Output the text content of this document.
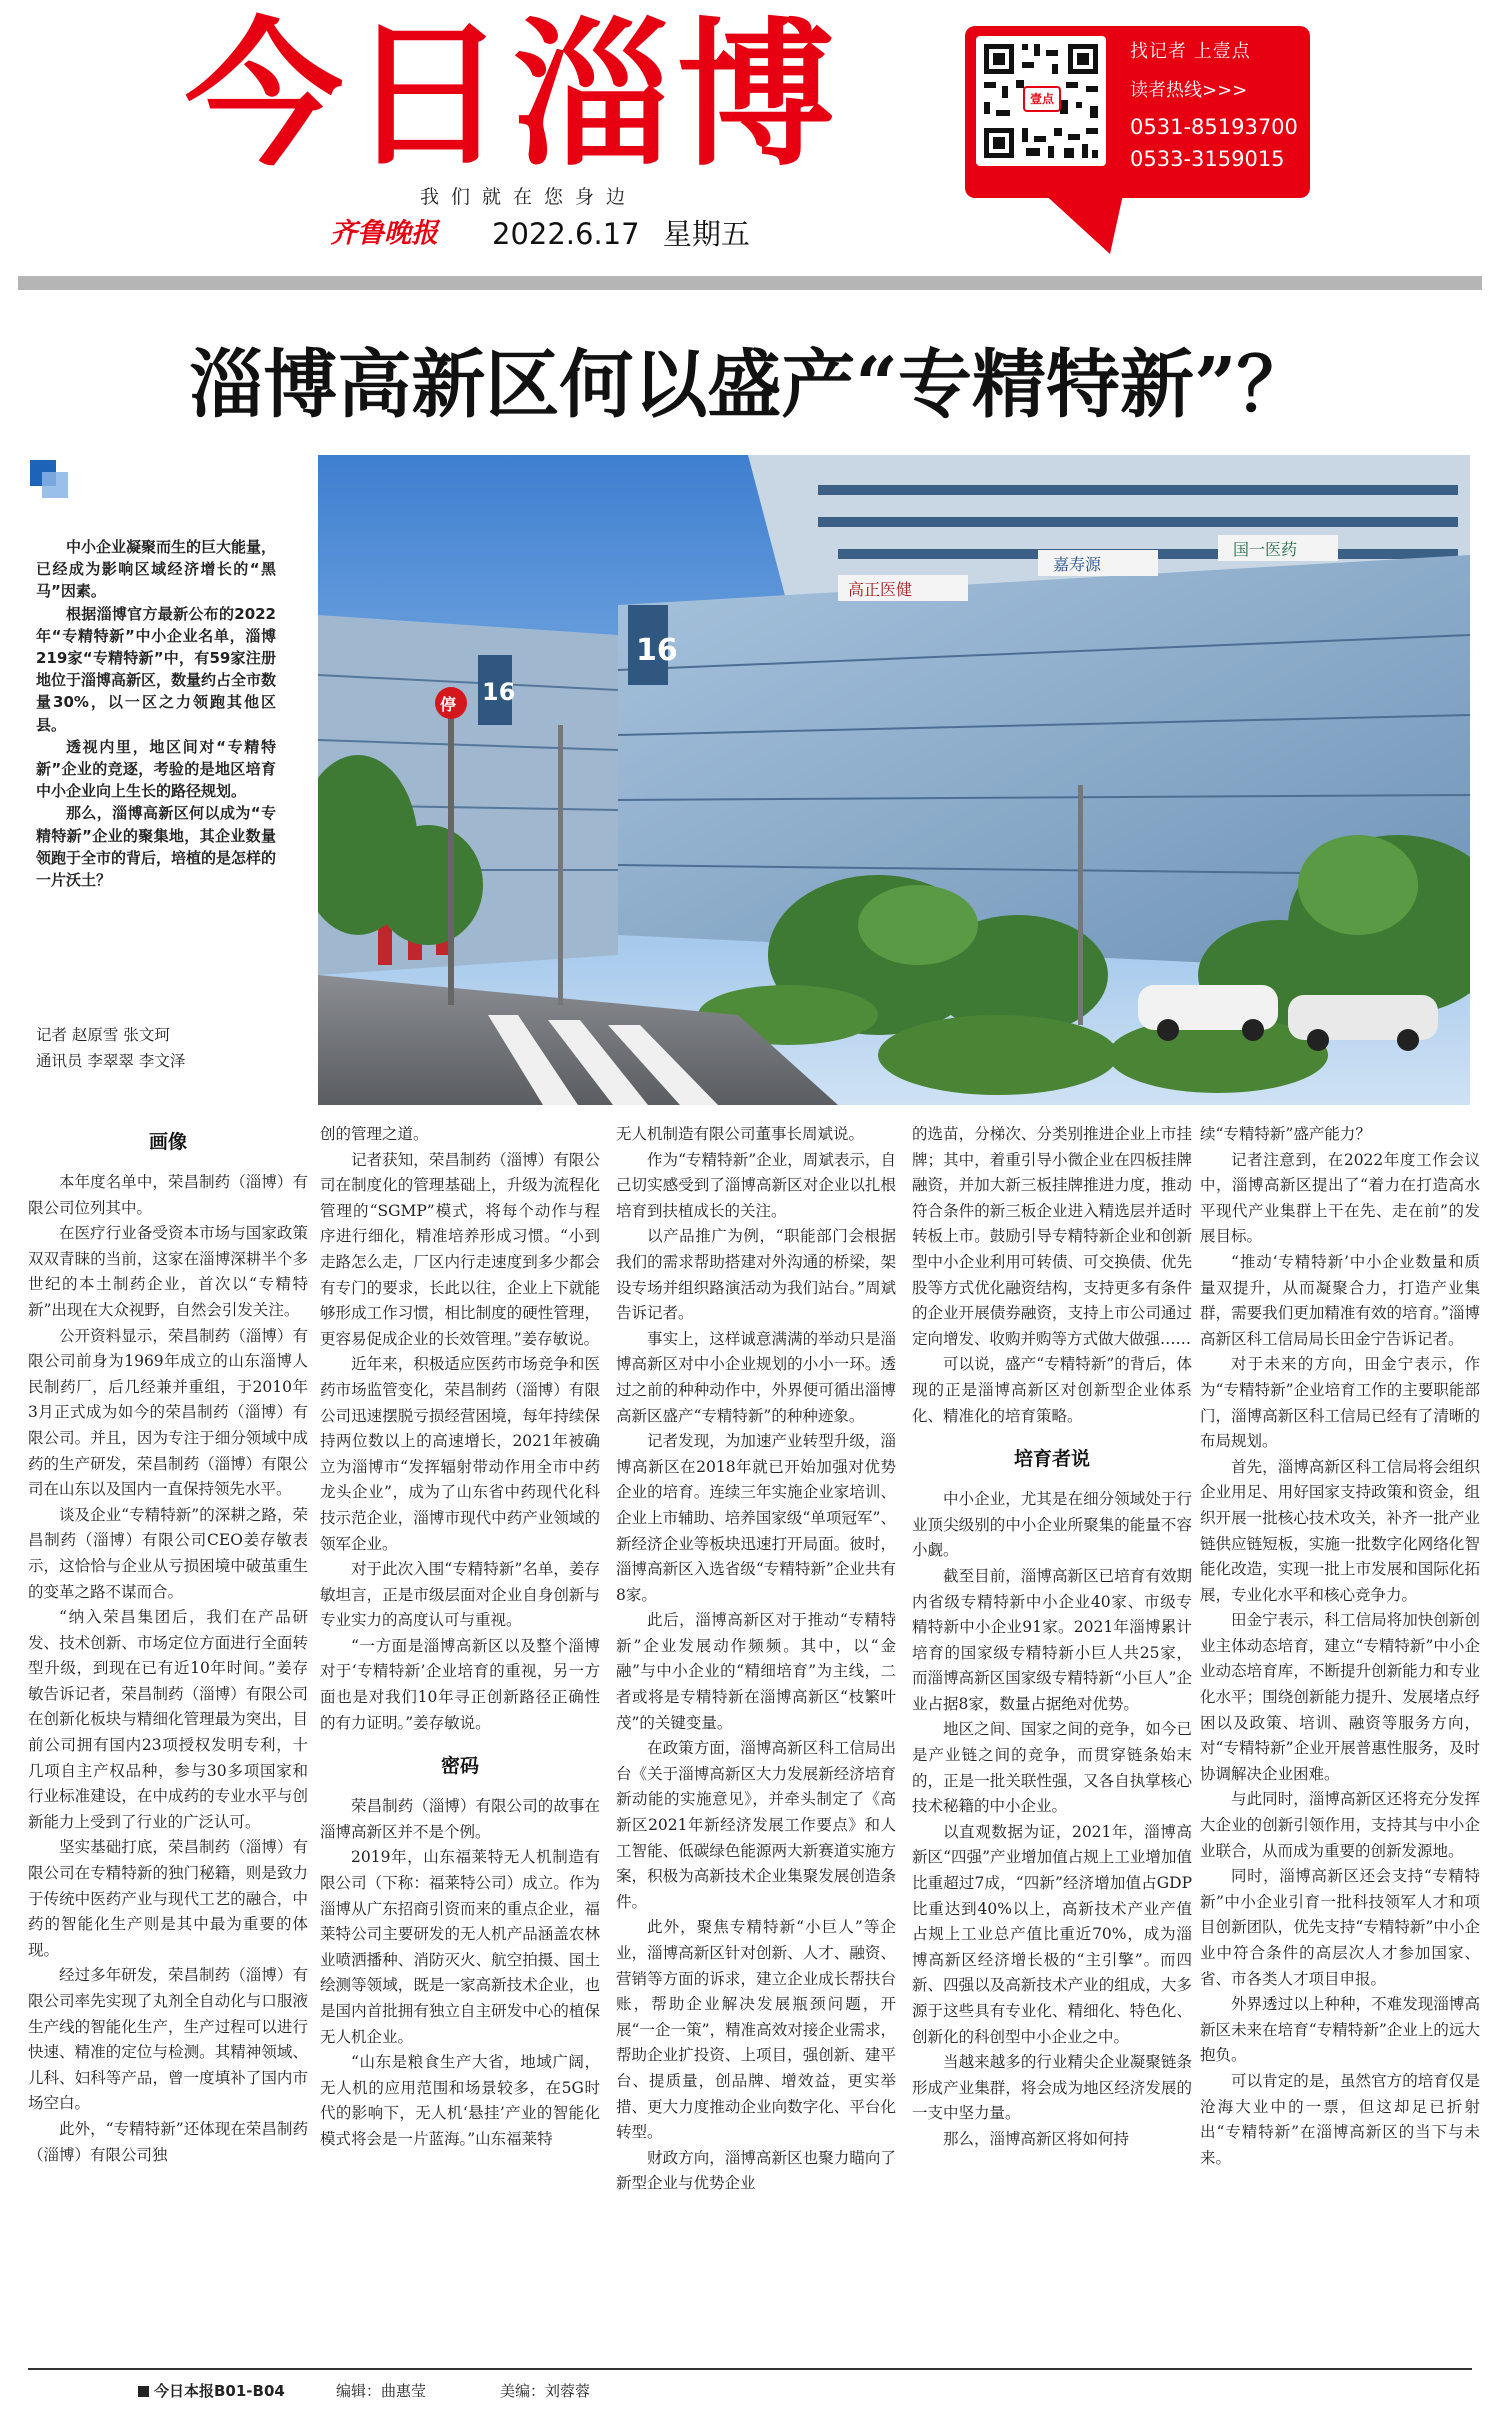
今日淄博
我们就在您身边
齐鲁晚报	2022.6.17 星期五
壹点
找记者 上壹点
读者热线>>>
0531-85193700
0533-3159015
淄博高新区何以盛产“专精特新”？

中小企业凝聚而生的巨大能量，已经成为影响区域经济增长的“黑马”因素。

根据淄博官方最新公布的2022年“专精特新”中小企业名单，淄博219家“专精特新”中，有59家注册地位于淄博高新区，数量约占全市数量30%，以一区之力领跑其他区县。

透视内里，地区间对“专精特新”企业的竞逐，考验的是地区培育中小企业向上生长的路径规划。

那么，淄博高新区何以成为“专精特新”企业的聚集地，其企业数量领跑于全市的背后，培植的是怎样的一片沃土？

记者 赵原雪 张文珂
通讯员 李翠翠 李文泽
16
16
高正医健
嘉寿源
国一医药
停
画像

本年度名单中，荣昌制药（淄博）有限公司位列其中。

在医疗行业备受资本市场与国家政策双双青睐的当前，这家在淄博深耕半个多世纪的本土制药企业，首次以“专精特新”出现在大众视野，自然会引发关注。

公开资料显示，荣昌制药（淄博）有限公司前身为1969年成立的山东淄博人民制药厂，后几经兼并重组，于2010年3月正式成为如今的荣昌制药（淄博）有限公司。并且，因为专注于细分领域中成药的生产研发，荣昌制药（淄博）有限公司在山东以及国内一直保持领先水平。

谈及企业“专精特新”的深耕之路，荣昌制药（淄博）有限公司CEO姜存敏表示，这恰恰与企业从亏损困境中破茧重生的变革之路不谋而合。

“纳入荣昌集团后，我们在产品研发、技术创新、市场定位方面进行全面转型升级，到现在已有近10年时间。”姜存敏告诉记者，荣昌制药（淄博）有限公司在创新化板块与精细化管理最为突出，目前公司拥有国内23项授权发明专利，十几项自主产权品种，参与30多项国家和行业标准建设，在中成药的专业水平与创新能力上受到了行业的广泛认可。

坚实基础打底，荣昌制药（淄博）有限公司在专精特新的独门秘籍，则是致力于传统中医药产业与现代工艺的融合，中药的智能化生产则是其中最为重要的体现。

经过多年研发，荣昌制药（淄博）有限公司率先实现了丸剂全自动化与口服液生产线的智能化生产，生产过程可以进行快速、精准的定位与检测。其精神领域、儿科、妇科等产品，曾一度填补了国内市场空白。

此外，“专精特新”还体现在荣昌制药（淄博）有限公司独

创的管理之道。

记者获知，荣昌制药（淄博）有限公司在制度化的管理基础上，升级为流程化管理的“SGMP”模式，将每个动作与程序进行细化，精准培养形成习惯。“小到走路怎么走，厂区内行走速度到多少都会有专门的要求，长此以往，企业上下就能够形成工作习惯，相比制度的硬性管理，更容易促成企业的长效管理。”姜存敏说。

近年来，积极适应医药市场竞争和医药市场监管变化，荣昌制药（淄博）有限公司迅速摆脱亏损经营困境，每年持续保持两位数以上的高速增长，2021年被确立为淄博市“发挥辐射带动作用全市中药龙头企业”，成为了山东省中药现代化科技示范企业，淄博市现代中药产业领域的领军企业。

对于此次入围“专精特新”名单，姜存敏坦言，正是市级层面对企业自身创新与专业实力的高度认可与重视。

“一方面是淄博高新区以及整个淄博对于‘专精特新’企业培育的重视，另一方面也是对我们10年寻正创新路径正确性的有力证明。”姜存敏说。

密码

荣昌制药（淄博）有限公司的故事在淄博高新区并不是个例。

2019年，山东福莱特无人机制造有限公司（下称：福莱特公司）成立。作为淄博从广东招商引资而来的重点企业，福莱特公司主要研发的无人机产品涵盖农林业喷洒播种、消防灭火、航空拍摄、国土绘测等领域，既是一家高新技术企业，也是国内首批拥有独立自主研发中心的植保无人机企业。

“山东是粮食生产大省，地域广阔，无人机的应用范围和场景较多，在5G时代的影响下，无人机‘悬挂’产业的智能化模式将会是一片蓝海。”山东福莱特

无人机制造有限公司董事长周斌说。

作为“专精特新”企业，周斌表示，自己切实感受到了淄博高新区对企业以扎根培育到扶植成长的关注。

以产品推广为例，“职能部门会根据我们的需求帮助搭建对外沟通的桥梁，架设专场并组织路演活动为我们站台。”周斌告诉记者。

事实上，这样诚意满满的举动只是淄博高新区对中小企业规划的小小一环。透过之前的种种动作中，外界便可循出淄博高新区盛产“专精特新”的种种迹象。

记者发现，为加速产业转型升级，淄博高新区在2018年就已开始加强对优势企业的培育。连续三年实施企业家培训、企业上市辅助、培养国家级“单项冠军”、新经济企业等板块迅速打开局面。彼时，淄博高新区入选省级“专精特新”企业共有8家。

此后，淄博高新区对于推动“专精特新”企业发展动作频频。其中，以“金融”与中小企业的“精细培育”为主线，二者或将是专精特新在淄博高新区“枝繁叶茂”的关键变量。

在政策方面，淄博高新区科工信局出台《关于淄博高新区大力发展新经济培育新动能的实施意见》，并牵头制定了《高新区2021年新经济发展工作要点》和人工智能、低碳绿色能源两大新赛道实施方案，积极为高新技术企业集聚发展创造条件。

此外，聚焦专精特新“小巨人”等企业，淄博高新区针对创新、人才、融资、营销等方面的诉求，建立企业成长帮扶台账，帮助企业解决发展瓶颈问题，开展“一企一策”，精准高效对接企业需求，帮助企业扩投资、上项目，强创新、建平台、提质量，创品牌、增效益，更实举措、更大力度推动企业向数字化、平台化转型。

财政方向，淄博高新区也聚力瞄向了新型企业与优势企业

的选苗，分梯次、分类别推进企业上市挂牌；其中，着重引导小微企业在四板挂牌融资，并加大新三板挂牌推进力度，推动符合条件的新三板企业进入精选层并适时转板上市。鼓励引导专精特新企业和创新型中小企业利用可转债、可交换债、优先股等方式优化融资结构，支持更多有条件的企业开展债券融资，支持上市公司通过定向增发、收购并购等方式做大做强……

可以说，盛产“专精特新”的背后，体现的正是淄博高新区对创新型企业体系化、精准化的培育策略。

培育者说

中小企业，尤其是在细分领域处于行业顶尖级别的中小企业所聚集的能量不容小觑。

截至目前，淄博高新区已培育有效期内省级专精特新中小企业40家、市级专精特新中小企业91家。2021年淄博累计培育的国家级专精特新小巨人共25家，而淄博高新区国家级专精特新“小巨人”企业占据8家，数量占据绝对优势。

地区之间、国家之间的竞争，如今已是产业链之间的竞争，而贯穿链条始末的，正是一批关联性强，又各自执掌核心技术秘籍的中小企业。

以直观数据为证，2021年，淄博高新区“四强”产业增加值占规上工业增加值比重超过7成，“四新”经济增加值占GDP比重达到40%以上，高新技术产业产值占规上工业总产值比重近70%，成为淄博高新区经济增长极的“主引擎”。而四新、四强以及高新技术产业的组成，大多源于这些具有专业化、精细化、特色化、创新化的科创型中小企业之中。

当越来越多的行业精尖企业凝聚链条形成产业集群，将会成为地区经济发展的一支中坚力量。

那么，淄博高新区将如何持

续“专精特新”盛产能力？

记者注意到，在2022年度工作会议中，淄博高新区提出了“着力在打造高水平现代产业集群上干在先、走在前”的发展目标。

“推动‘专精特新’中小企业数量和质量双提升，从而凝聚合力，打造产业集群，需要我们更加精准有效的培育。”淄博高新区科工信局局长田金宁告诉记者。

对于未来的方向，田金宁表示，作为“专精特新”企业培育工作的主要职能部门，淄博高新区科工信局已经有了清晰的布局规划。

首先，淄博高新区科工信局将会组织企业用足、用好国家支持政策和资金，组织开展一批核心技术攻关，补齐一批产业链供应链短板，实施一批数字化网络化智能化改造，实现一批上市发展和国际化拓展，专业化水平和核心竞争力。

田金宁表示，科工信局将加快创新创业主体动态培育，建立“专精特新”中小企业动态培育库，不断提升创新能力和专业化水平；围绕创新能力提升、发展堵点纾困以及政策、培训、融资等服务方向，对“专精特新”企业开展普惠性服务，及时协调解决企业困难。

与此同时，淄博高新区还将充分发挥大企业的创新引领作用，支持其与中小企业联合，从而成为重要的创新发源地。

同时，淄博高新区还会支持“专精特新”中小企业引育一批科技领军人才和项目创新团队，优先支持“专精特新”中小企业中符合条件的高层次人才参加国家、省、市各类人才项目申报。

外界透过以上种种，不难发现淄博高新区未来在培育“专精特新”企业上的远大抱负。

可以肯定的是，虽然官方的培育仅是沧海大业中的一票，但这却足已折射出“专精特新”在淄博高新区的当下与未来。

今日本报B01-B04	编辑：曲惠莹	美编：刘蓉蓉
